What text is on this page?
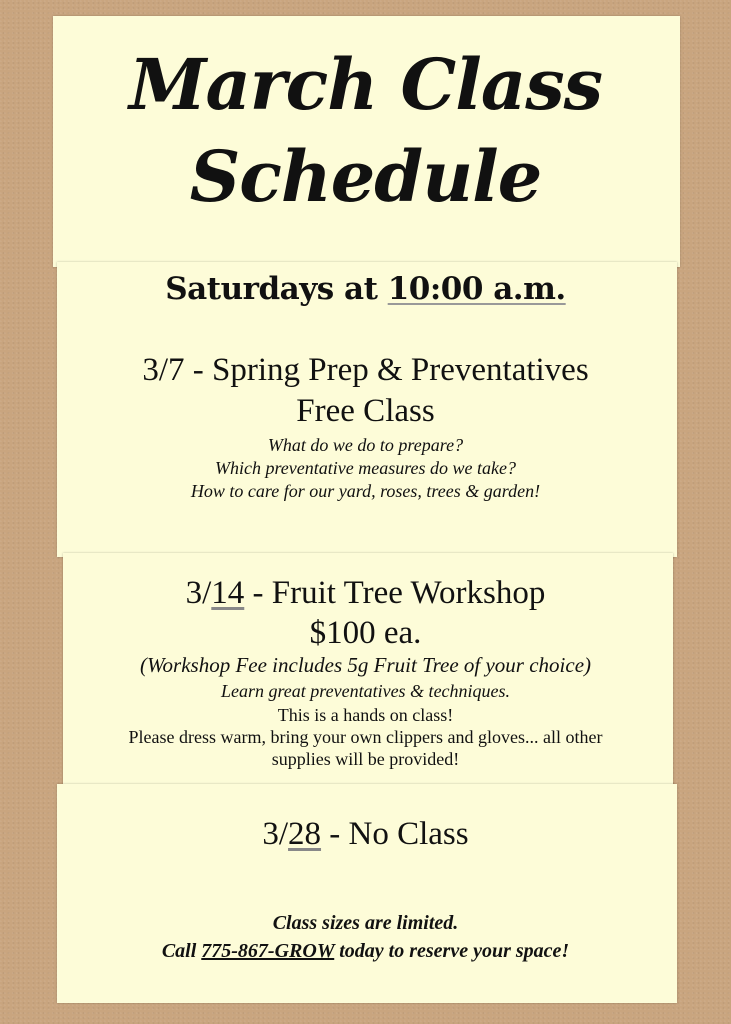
March Class
Schedule
Saturdays at 10:00 a.m.
3/7 - Spring Prep & Preventatives
Free Class
What do we do to prepare?
Which preventative measures do we take?
How to care for our yard, roses, trees & garden!
3/14 - Fruit Tree Workshop
$100 ea.
(Workshop Fee includes 5g Fruit Tree of your choice)
Learn great preventatives & techniques.
This is a hands on class!
Please dress warm, bring your own clippers and gloves... all other
supplies will be provided!
3/28 - No Class
Class sizes are limited.
Call 775-867-GROW today to reserve your space!
